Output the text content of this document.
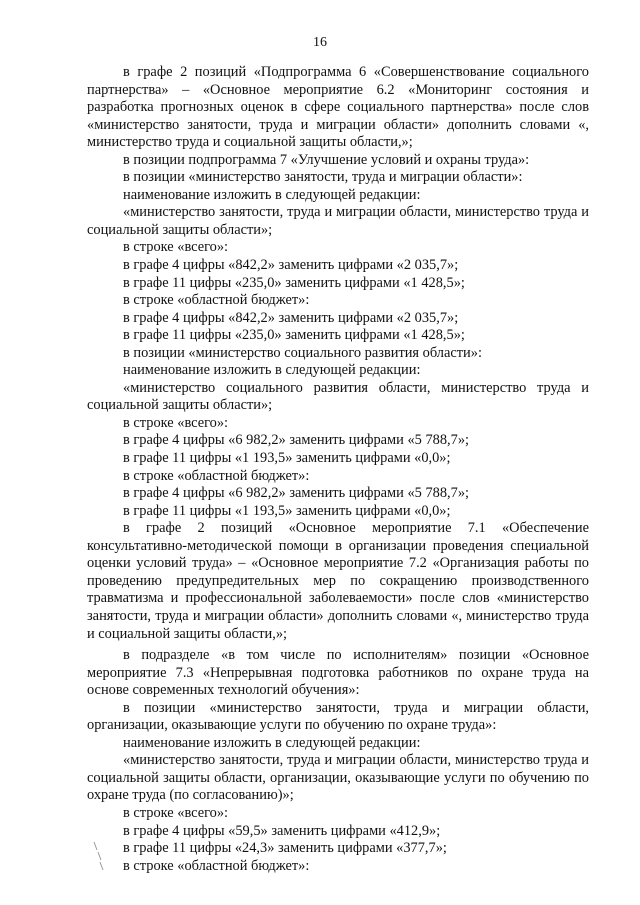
16

в графе 2 позиций «Подпрограмма 6 «Совершенствование социального партнерства» – «Основное мероприятие 6.2 «Мониторинг состояния и разработка прогнозных оценок в сфере социального партнерства» после слов «министерство занятости, труда и миграции области» дополнить словами «, министерство труда и социальной защиты области,»;

в позиции подпрограмма 7 «Улучшение условий и охраны труда»:

в позиции «министерство занятости, труда и миграции области»:

наименование изложить в следующей редакции:

«министерство занятости, труда и миграции области, министерство труда и социальной защиты области»;

в строке «всего»:

в графе 4 цифры «842,2» заменить цифрами «2 035,7»;

в графе 11 цифры «235,0» заменить цифрами «1 428,5»;

в строке «областной бюджет»:

в графе 4 цифры «842,2» заменить цифрами «2 035,7»;

в графе 11 цифры «235,0» заменить цифрами «1 428,5»;

в позиции «министерство социального развития области»:

наименование изложить в следующей редакции:

«министерство социального развития области, министерство труда и социальной защиты области»;

в строке «всего»:

в графе 4 цифры «6 982,2» заменить цифрами «5 788,7»;

в графе 11 цифры «1 193,5» заменить цифрами «0,0»;

в строке «областной бюджет»:

в графе 4 цифры «6 982,2» заменить цифрами «5 788,7»;

в графе 11 цифры «1 193,5» заменить цифрами «0,0»;

в графе 2 позиций «Основное мероприятие 7.1 «Обеспечение консультативно-методической помощи в организации проведения специальной оценки условий труда» – «Основное мероприятие 7.2 «Организация работы по проведению предупредительных мер по сокращению производственного травматизма и профессиональной заболеваемости» после слов «министерство занятости, труда и миграции области» дополнить словами «, министерство труда и социальной защиты области,»;

в подразделе «в том числе по исполнителям» позиции «Основное мероприятие 7.3 «Непрерывная подготовка работников по охране труда на основе современных технологий обучения»:

в позиции «министерство занятости, труда и миграции области, организации, оказывающие услуги по обучению по охране труда»:

наименование изложить в следующей редакции:

«министерство занятости, труда и миграции области, министерство труда и социальной защиты области, организации, оказывающие услуги по обучению по охране труда (по согласованию)»;

в строке «всего»:

в графе 4 цифры «59,5» заменить цифрами «412,9»;

в графе 11 цифры «24,3» заменить цифрами «377,7»;

в строке «областной бюджет»:
